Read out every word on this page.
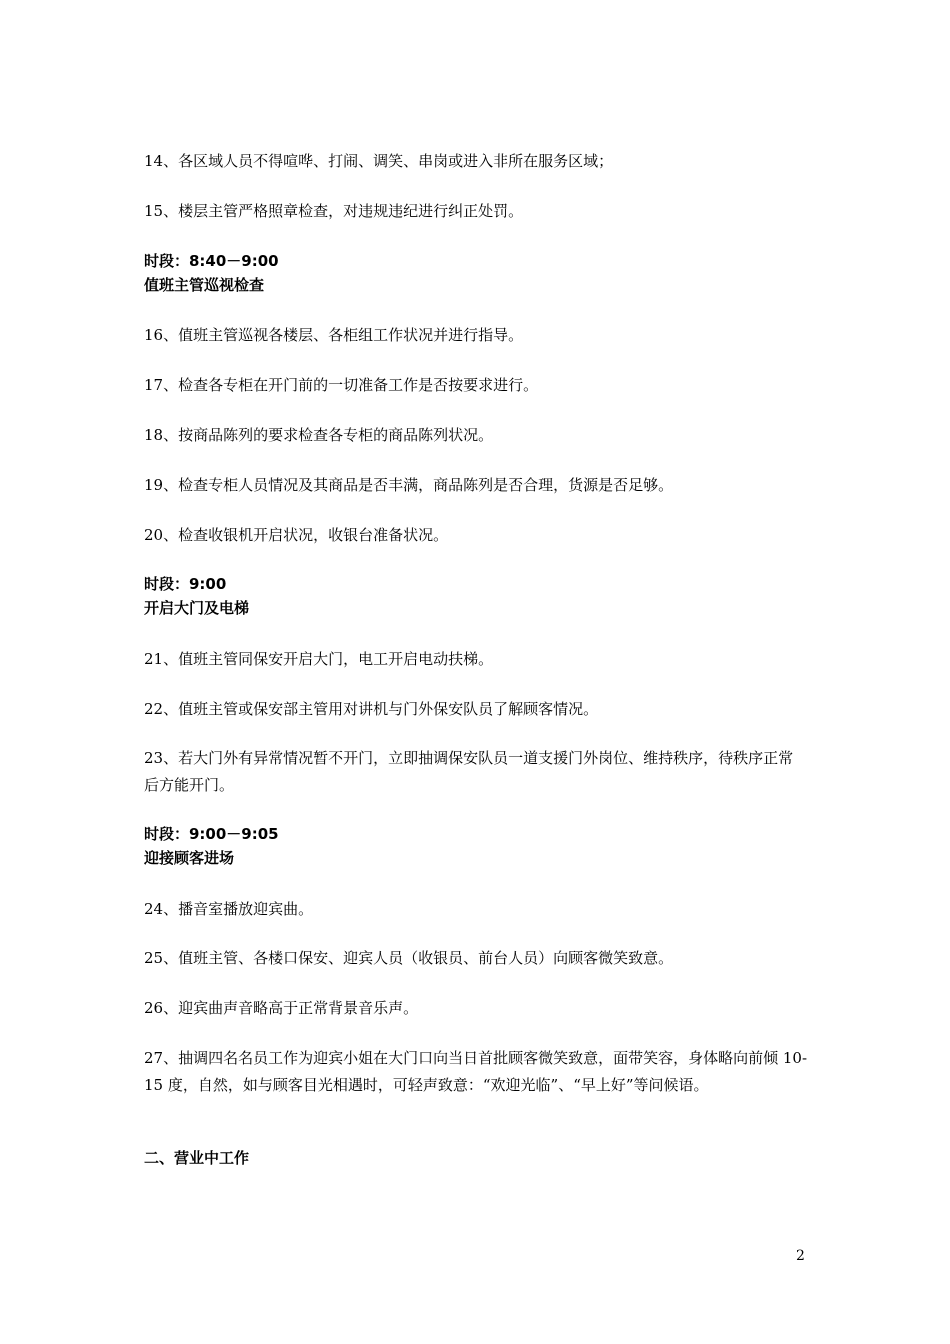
14、各区域人员不得喧哗、打闹、调笑、串岗或进入非所在服务区域；

15、楼层主管严格照章检查，对违规违纪进行纠正处罚。

时段：8:40－9:00

值班主管巡视检查

16、值班主管巡视各楼层、各柜组工作状况并进行指导。

17、检查各专柜在开门前的一切准备工作是否按要求进行。

18、按商品陈列的要求检查各专柜的商品陈列状况。

19、检查专柜人员情况及其商品是否丰满，商品陈列是否合理，货源是否足够。

20、检查收银机开启状况，收银台准备状况。

时段：9:00

开启大门及电梯

21、值班主管同保安开启大门，电工开启电动扶梯。

22、值班主管或保安部主管用对讲机与门外保安队员了解顾客情况。

23、若大门外有异常情况暂不开门，立即抽调保安队员一道支援门外岗位、维持秩序，待秩序正常后方能开门。

时段：9:00－9:05

迎接顾客进场

24、播音室播放迎宾曲。

25、值班主管、各楼口保安、迎宾人员（收银员、前台人员）向顾客微笑致意。

26、迎宾曲声音略高于正常背景音乐声。

27、抽调四名名员工作为迎宾小姐在大门口向当日首批顾客微笑致意，面带笑容，身体略向前倾 10-15 度，自然，如与顾客目光相遇时，可轻声致意：“欢迎光临”、“早上好”等问候语。

二、营业中工作

2
